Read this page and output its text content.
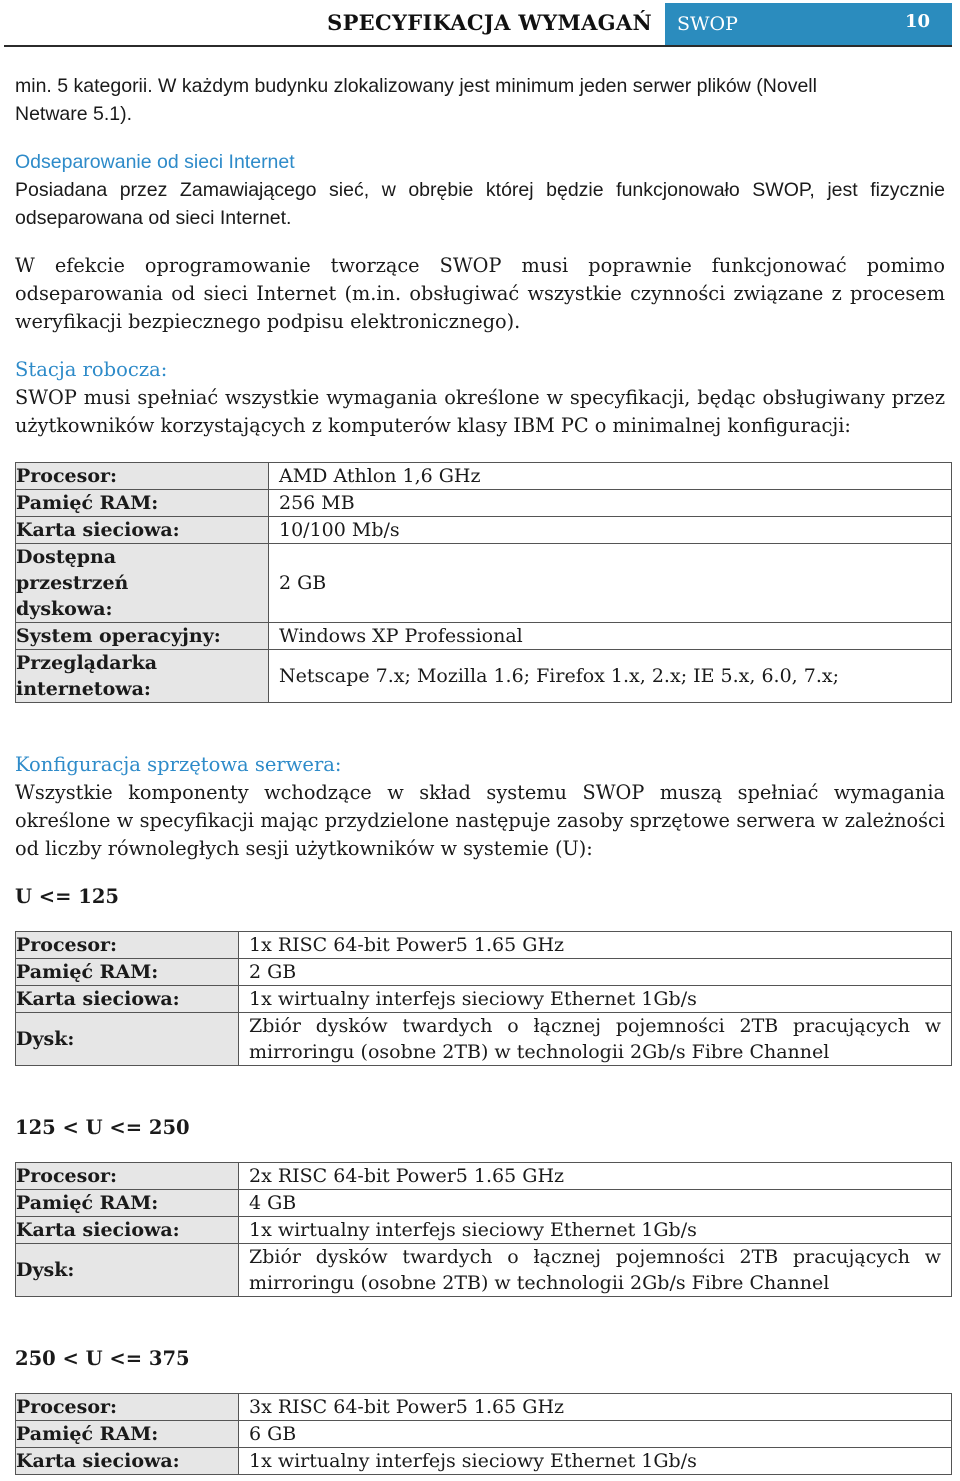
SPECYFIKACJA WYMAGAŃ SWOP	10

min. 5 kategorii. W każdym budynku zlokalizowany jest minimum jeden serwer plików (Novell
Netware 5.1).

Odseparowanie od sieci Internet

Posiadana przez Zamawiającego sieć, w obrębie której będzie funkcjonowało SWOP, jest fizycznie odseparowana od sieci Internet.

W efekcie oprogramowanie tworzące SWOP musi poprawnie funkcjonować pomimo odseparowania od sieci Internet (m.in. obsługiwać wszystkie czynności związane z procesem weryfikacji bezpiecznego podpisu elektronicznego).

Stacja robocza:

SWOP musi spełniać wszystkie wymagania określone w specyfikacji, będąc obsługiwany przez użytkowników korzystających z komputerów klasy IBM PC o minimalnej konfiguracji:

Procesor:	AMD Athlon 1,6 GHz
Pamięć RAM:	256 MB
Karta sieciowa:	10/100 Mb/s
Dostępna przestrzeń dyskowa:	2 GB
System operacyjny:	Windows XP Professional
Przeglądarka internetowa:	Netscape 7.x; Mozilla 1.6; Firefox 1.x, 2.x; IE 5.x, 6.0, 7.x;
Konfiguracja sprzętowa serwera:

Wszystkie komponenty wchodzące w skład systemu SWOP muszą spełniać wymagania określone w specyfikacji mając przydzielone następuje zasoby sprzętowe serwera w zależności od liczby równoległych sesji użytkowników w systemie (U):

U <= 125
Procesor:	1x RISC 64-bit Power5 1.65 GHz
Pamięć RAM:	2 GB
Karta sieciowa:	1x wirtualny interfejs sieciowy Ethernet 1Gb/s
Dysk:	Zbiór dysków twardych o łącznej pojemności 2TB pracujących w mirroringu (osobne 2TB) w technologii 2Gb/s Fibre Channel
125 < U <= 250
Procesor:	2x RISC 64-bit Power5 1.65 GHz
Pamięć RAM:	4 GB
Karta sieciowa:	1x wirtualny interfejs sieciowy Ethernet 1Gb/s
Dysk:	Zbiór dysków twardych o łącznej pojemności 2TB pracujących w mirroringu (osobne 2TB) w technologii 2Gb/s Fibre Channel
250 < U <= 375
Procesor:	3x RISC 64-bit Power5 1.65 GHz
Pamięć RAM:	6 GB
Karta sieciowa:	1x wirtualny interfejs sieciowy Ethernet 1Gb/s
